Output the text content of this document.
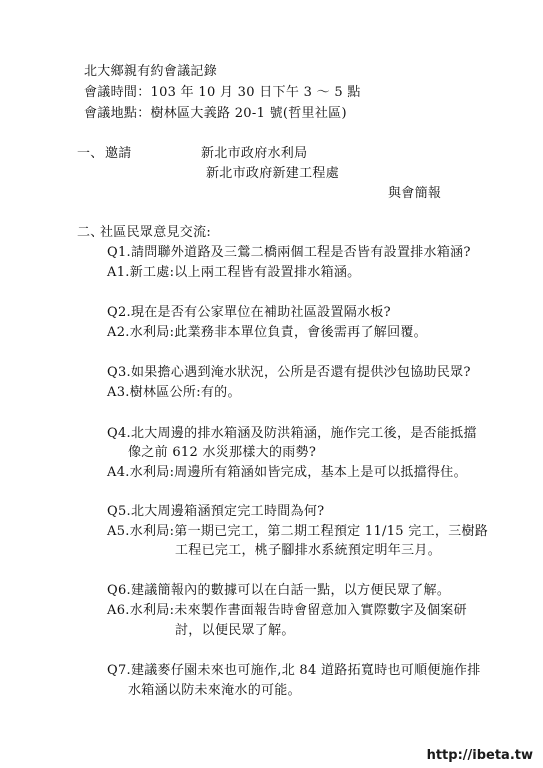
北大鄉親有約會議記錄
會議時間：103 年 10 月 30 日下午 3 ～ 5 點
會議地點：樹林區大義路 20-1 號(哲里社區)
一、 邀請	新北市政府水利局
新北市政府新建工程處
與會簡報
二、
社區民眾意見交流:
Q1.請問聯外道路及三鶯二橋兩個工程是否皆有設置排水箱涵?
A1.新工處:以上兩工程皆有設置排水箱涵。
Q2.現在是否有公家單位在補助社區設置隔水板?
A2.水利局:此業務非本單位負責，會後需再了解回覆。
Q3.如果擔心遇到淹水狀況，公所是否還有提供沙包協助民眾?
A3.樹林區公所:有的。
Q4.北大周邊的排水箱涵及防洪箱涵，施作完工後，是否能抵擋
像之前 612 水災那樣大的雨勢?
A4.水利局:周邊所有箱涵如皆完成，基本上是可以抵擋得住。
Q5.北大周邊箱涵預定完工時間為何?
A5.水利局:第一期已完工，第二期工程預定 11/15 完工，三樹路
工程已完工，桃子腳排水系統預定明年三月。
Q6.建議簡報內的數據可以在白話一點，以方便民眾了解。
A6.水利局:未來製作書面報告時會留意加入實際數字及個案研
討，以便民眾了解。
Q7.建議麥仔園未來也可施作,北 84 道路拓寬時也可順便施作排
水箱涵以防未來淹水的可能。
http://ibeta.tw
